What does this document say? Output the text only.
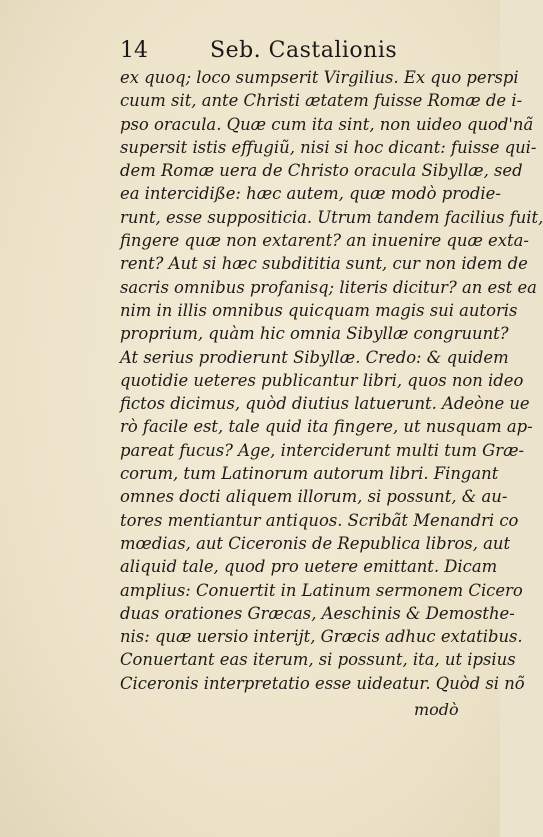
14	Seb. Castalionis
ex quoq; loco sumpserit Virgilius. Ex quo perspi
cuum sit, ante Christi ætatem fuisse Romæ de i-
pso oracula. Quæ cum ita sint, non uideo quod'nã
supersit istis effugiũ, nisi si hoc dicant: fuisse qui-
dem Romæ uera de Christo oracula Sibyllæ, sed
ea intercidiße: hæc autem, quæ modò prodie-
runt, esse suppositicia. Utrum tandem facilius fuit,
fingere quæ non extarent? an inuenire quæ exta-
rent? Aut si hæc subdititia sunt, cur non idem de
sacris omnibus profanisq; literis dicitur? an est ea
nim in illis omnibus quicquam magis sui autoris
proprium, quàm hic omnia Sibyllæ congruunt?
At serius prodierunt Sibyllæ. Credo: & quidem
quotidie ueteres publicantur libri, quos non ideo
fictos dicimus, quòd diutius latuerunt. Adeòne ue
rò facile est, tale quid ita fingere, ut nusquam ap-
pareat fucus? Age, interciderunt multi tum Græ-
corum, tum Latinorum autorum libri. Fingant
omnes docti aliquem illorum, si possunt, & au-
tores mentiantur antiquos. Scribãt Menandri co
mœdias, aut Ciceronis de Republica libros, aut
aliquid tale, quod pro uetere emittant. Dicam
amplius: Conuertit in Latinum sermonem Cicero
duas orationes Græcas, Aeschinis & Demosthe-
nis: quæ uersio interijt, Græcis adhuc extatibus.
Conuertant eas iterum, si possunt, ita, ut ipsius
Ciceronis interpretatio esse uideatur. Quòd si nõ
modò
